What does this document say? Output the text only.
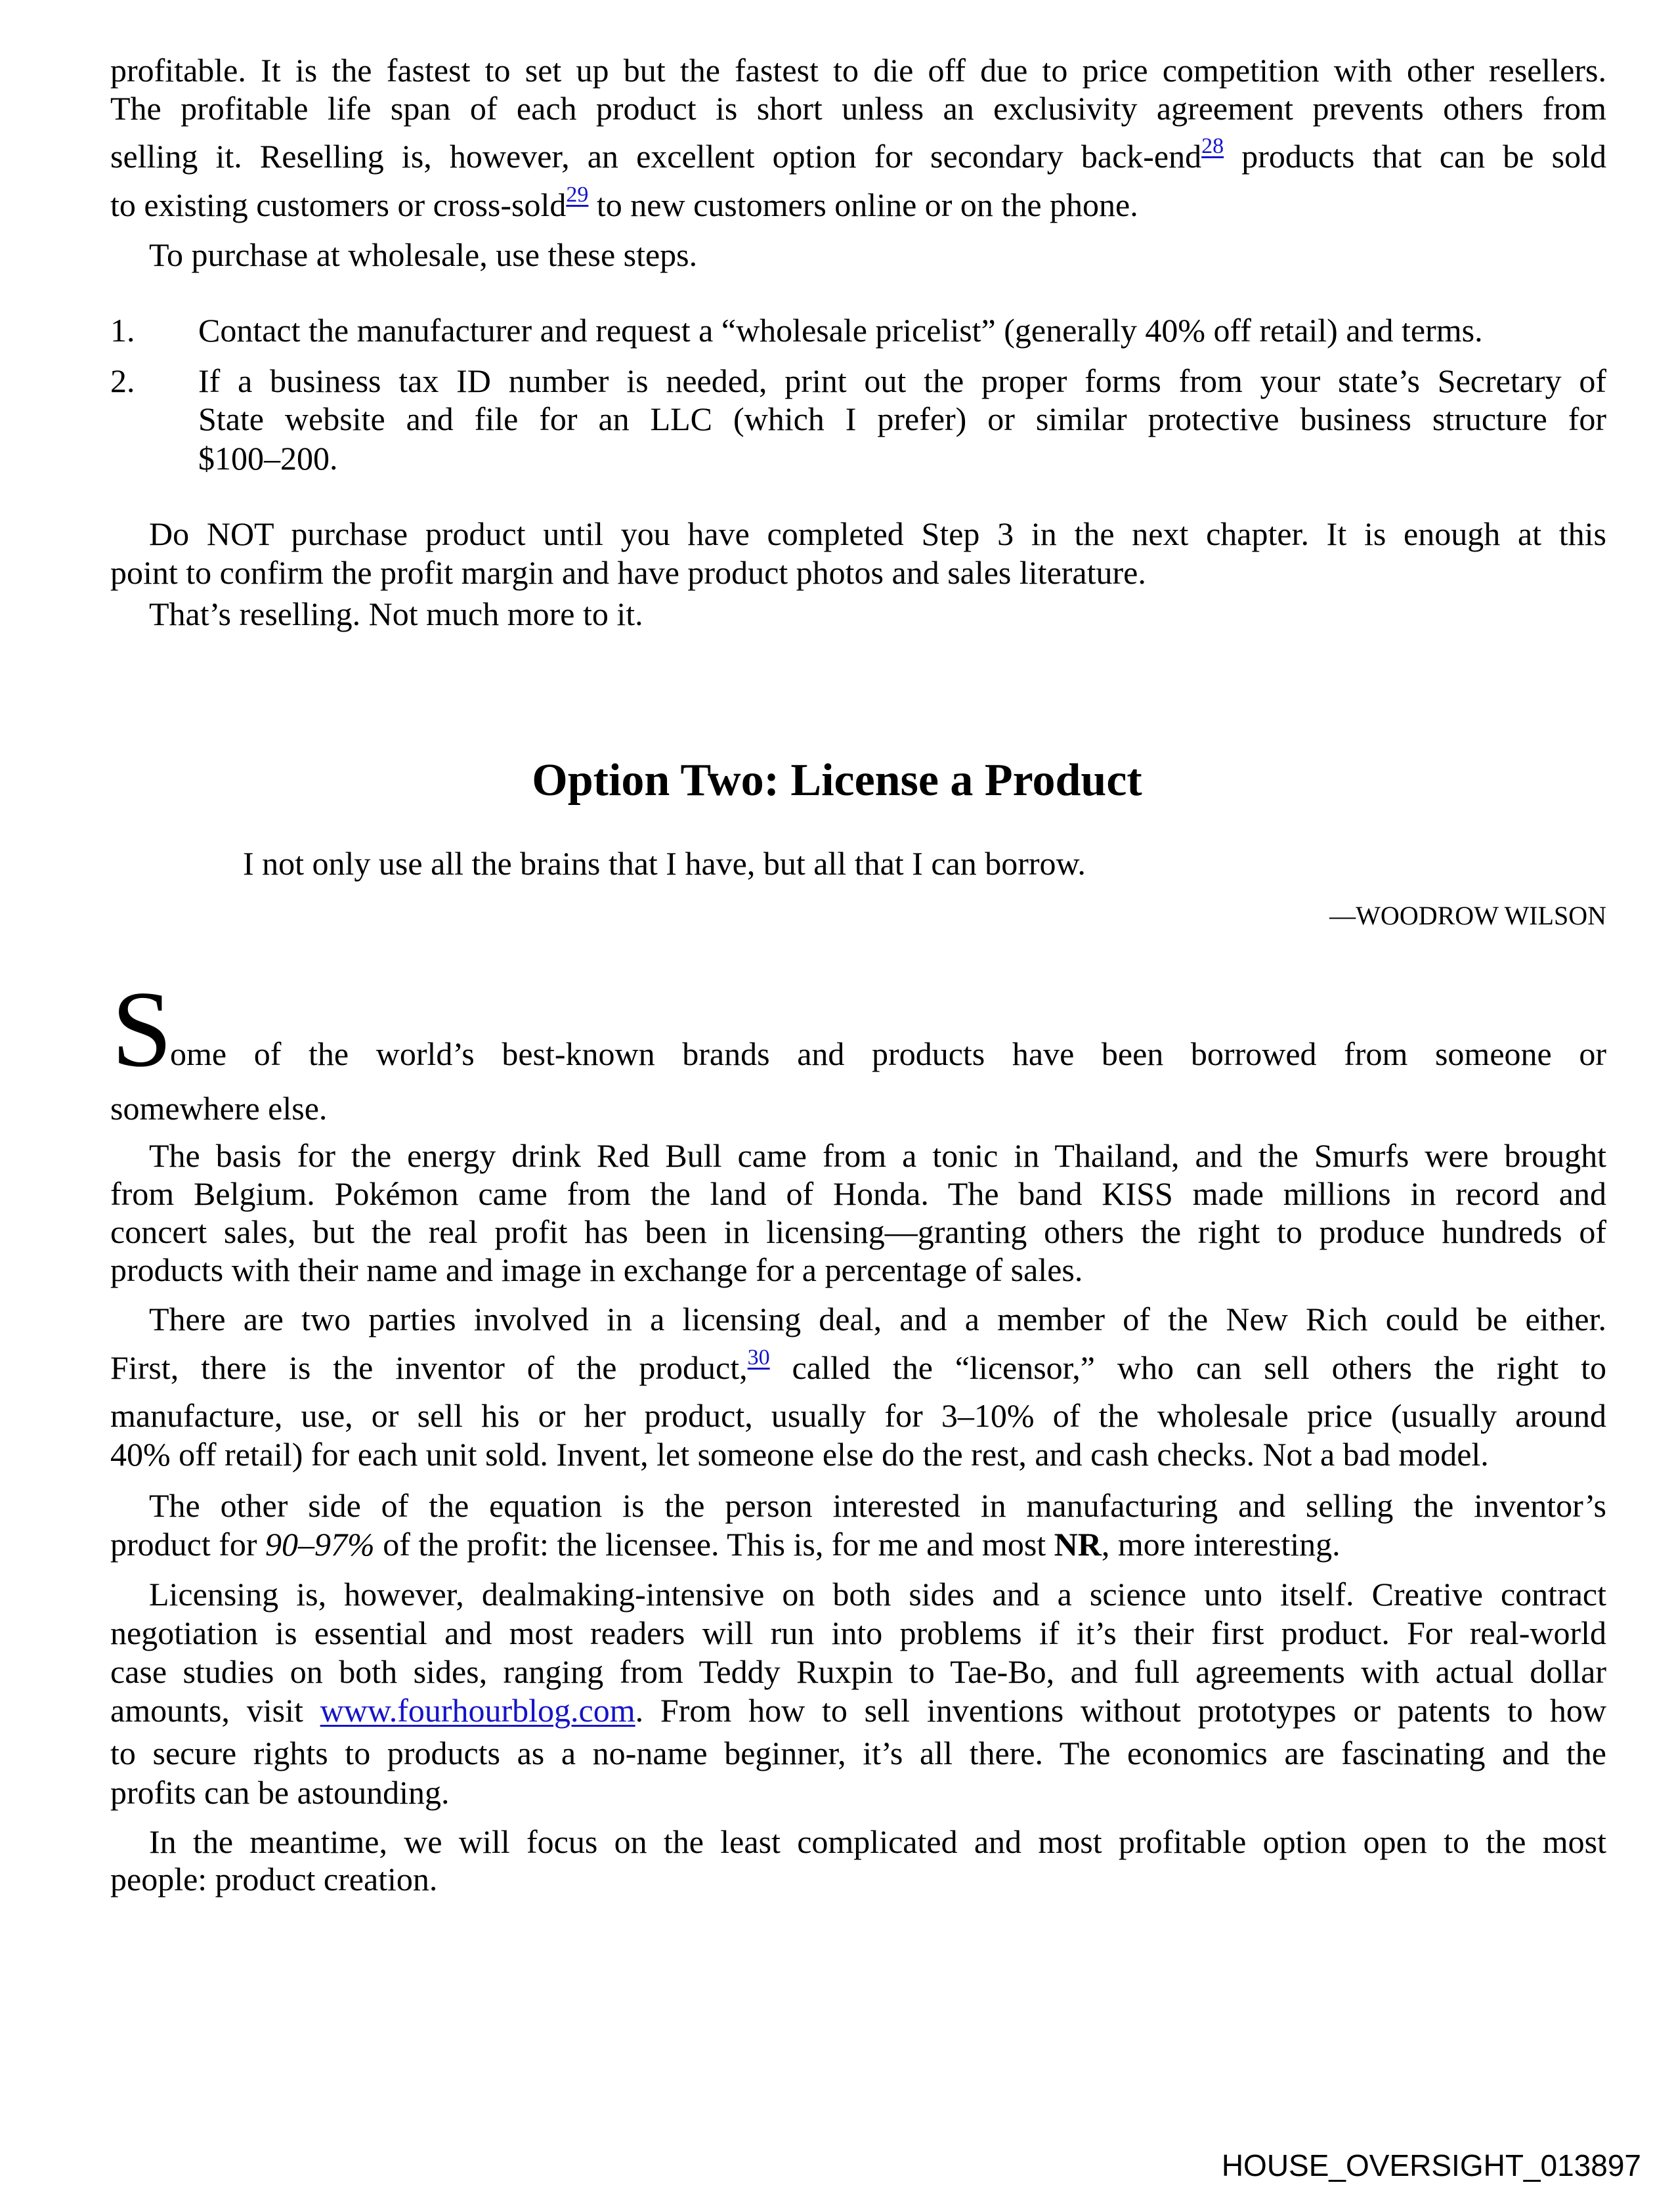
profitable. It is the fastest to set up but the fastest to die off due to price competition with other resellers.
The profitable life span of each product is short unless an exclusivity agreement prevents others from
selling it. Reselling is, however, an excellent option for secondary back-end$^{28}$ products that can be sold
to existing customers or cross-sold$^{29}$ to new customers online or on the phone.
To purchase at wholesale, use these steps.
1. Contact the manufacturer and request a “wholesale pricelist” (generally 40% off retail) and terms.
2. If a business tax ID number is needed, print out the proper forms from your state’s Secretary of
State website and file for an LLC (which I prefer) or similar protective business structure for
$100–200.
Do NOT purchase product until you have completed Step 3 in the next chapter. It is enough at this
point to confirm the profit margin and have product photos and sales literature.
That’s reselling. Not much more to it.
Option Two: License a Product
I not only use all the brains that I have, but all that I can borrow.
—WOODROW WILSON
S
ome of the world’s best-known brands and products have been borrowed from someone or
somewhere else.
The basis for the energy drink Red Bull came from a tonic in Thailand, and the Smurfs were brought
from Belgium. Pokémon came from the land of Honda. The band KISS made millions in record and
concert sales, but the real profit has been in licensing—granting others the right to produce hundreds of
products with their name and image in exchange for a percentage of sales.
There are two parties involved in a licensing deal, and a member of the New Rich could be either.
First, there is the inventor of the product,$^{30}$ called the “licensor,” who can sell others the right to
manufacture, use, or sell his or her product, usually for 3–10% of the wholesale price (usually around
40% off retail) for each unit sold. Invent, let someone else do the rest, and cash checks. Not a bad model.
The other side of the equation is the person interested in manufacturing and selling the inventor’s
product for 90–97% of the profit: the licensee. This is, for me and most NR, more interesting.
Licensing is, however, dealmaking-intensive on both sides and a science unto itself. Creative contract
negotiation is essential and most readers will run into problems if it’s their first product. For real-world
case studies on both sides, ranging from Teddy Ruxpin to Tae-Bo, and full agreements with actual dollar
amounts, visit www.fourhourblog.com. From how to sell inventions without prototypes or patents to how
to secure rights to products as a no-name beginner, it’s all there. The economics are fascinating and the
profits can be astounding.
In the meantime, we will focus on the least complicated and most profitable option open to the most
people: product creation.
HOUSE_OVERSIGHT_013897
